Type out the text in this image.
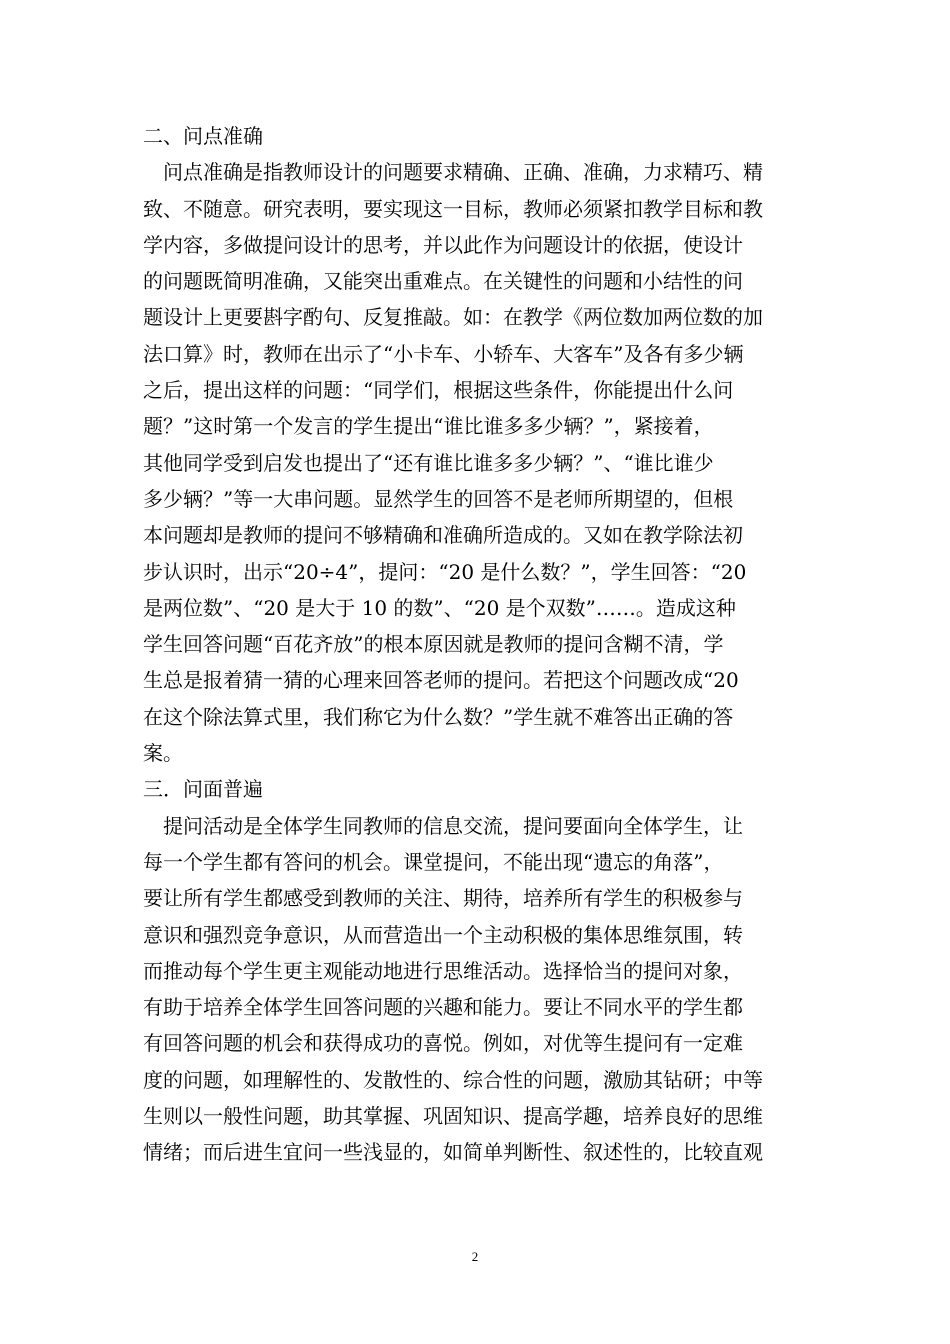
二、问点准确
　问点准确是指教师设计的问题要求精确、正确、准确，力求精巧、精
致、不随意。研究表明，要实现这一目标，教师必须紧扣教学目标和教
学内容，多做提问设计的思考，并以此作为问题设计的依据，使设计
的问题既简明准确，又能突出重难点。在关键性的问题和小结性的问
题设计上更要斟字酌句、反复推敲。如：在教学《两位数加两位数的加
法口算》时，教师在出示了“小卡车、小轿车、大客车”及各有多少辆
之后，提出这样的问题：“同学们，根据这些条件，你能提出什么问
题？”这时第一个发言的学生提出“谁比谁多多少辆？”，紧接着，
其他同学受到启发也提出了“还有谁比谁多多少辆？”、“谁比谁少
多少辆？”等一大串问题。显然学生的回答不是老师所期望的，但根
本问题却是教师的提问不够精确和准确所造成的。又如在教学除法初
步认识时，出示“20÷4”，提问：“20 是什么数？”，学生回答：“20
是两位数”、“20 是大于 10 的数”、“20 是个双数”……。造成这种
学生回答问题“百花齐放”的根本原因就是教师的提问含糊不清，学
生总是报着猜一猜的心理来回答老师的提问。若把这个问题改成“20
在这个除法算式里，我们称它为什么数？”学生就不难答出正确的答
案。
三．问面普遍
　提问活动是全体学生同教师的信息交流，提问要面向全体学生，让
每一个学生都有答问的机会。课堂提问，不能出现“遗忘的角落”，
要让所有学生都感受到教师的关注、期待，培养所有学生的积极参与
意识和强烈竞争意识，从而营造出一个主动积极的集体思维氛围，转
而推动每个学生更主观能动地进行思维活动。选择恰当的提问对象，
有助于培养全体学生回答问题的兴趣和能力。要让不同水平的学生都
有回答问题的机会和获得成功的喜悦。例如，对优等生提问有一定难
度的问题，如理解性的、发散性的、综合性的问题，激励其钻研；中等
生则以一般性问题，助其掌握、巩固知识、提高学趣，培养良好的思维
情绪；而后进生宜问一些浅显的，如简单判断性、叙述性的，比较直观
2
